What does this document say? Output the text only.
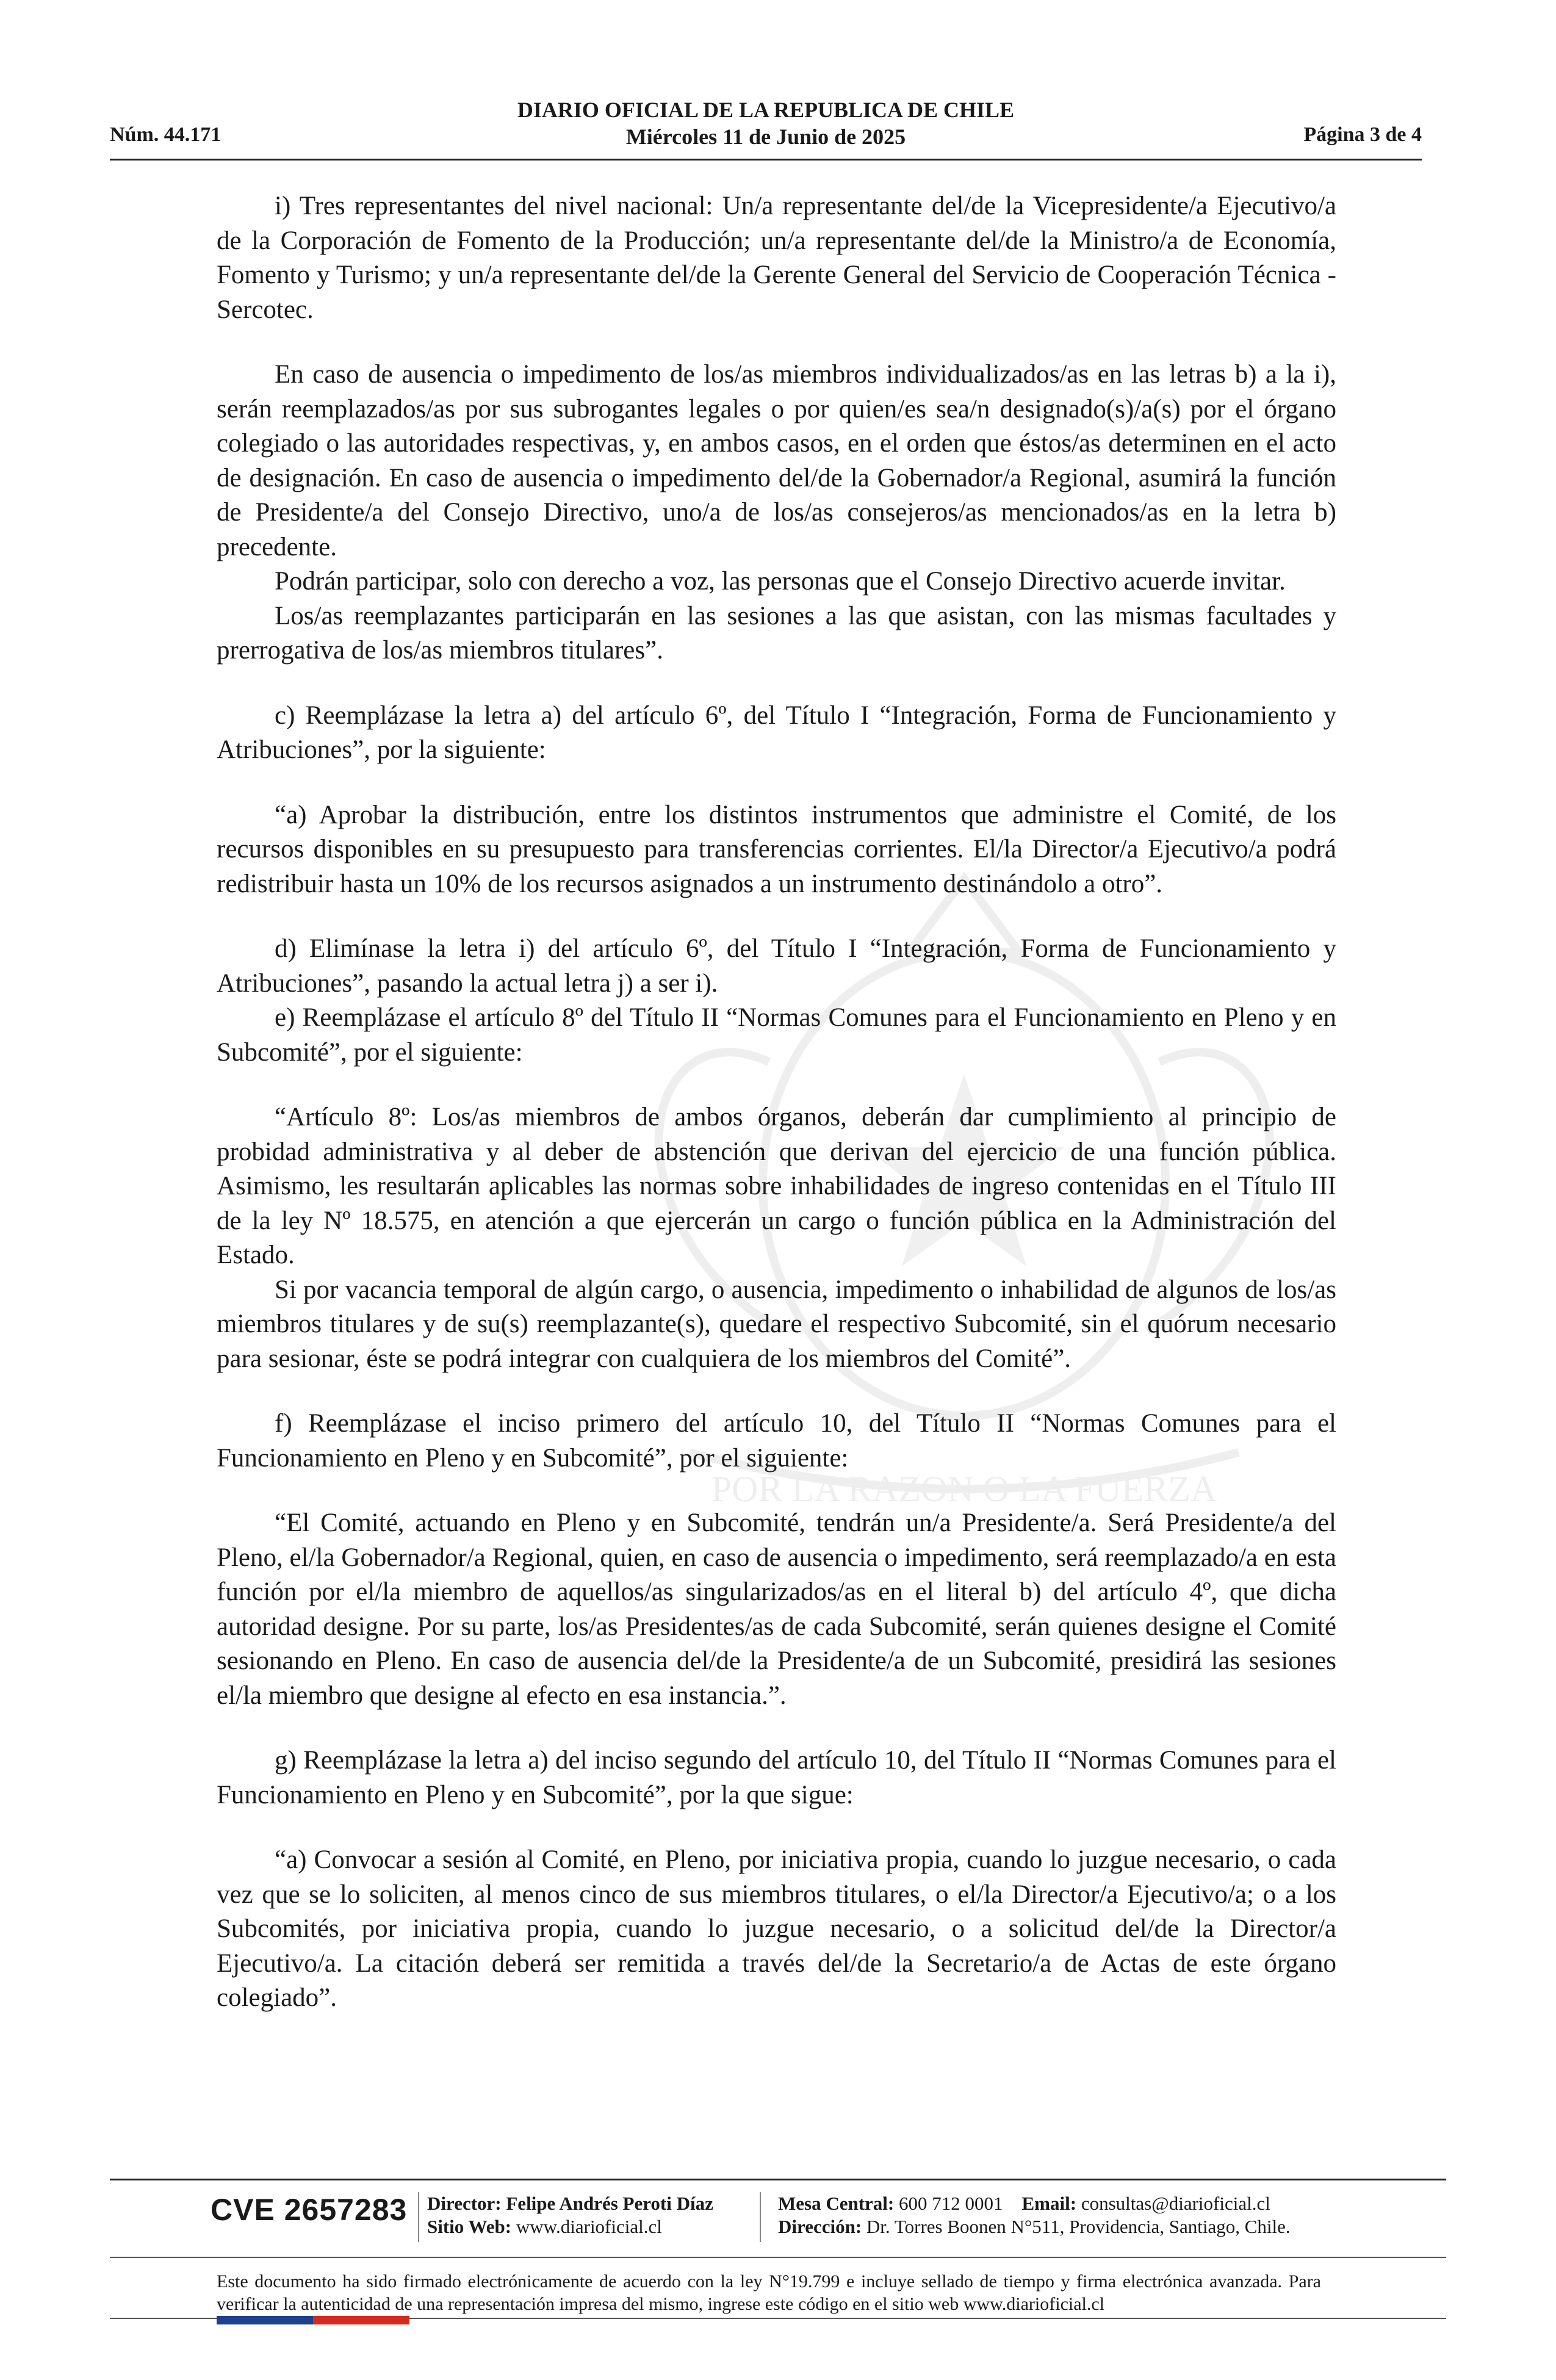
Núm. 44.171
DIARIO OFICIAL DE LA REPUBLICA DE CHILE
Miércoles 11 de Junio de 2025	Página 3 de 4
POR LA RAZON O LA FUERZA

i) Tres representantes del nivel nacional: Un/a representante del/de la Vicepresidente/a Ejecutivo/a de la Corporación de Fomento de la Producción; un/a representante del/de la Ministro/a de Economía, Fomento y Turismo; y un/a representante del/de la Gerente General del Servicio de Cooperación Técnica - Sercotec.

En caso de ausencia o impedimento de los/as miembros individualizados/as en las letras b) a la i), serán reemplazados/as por sus subrogantes legales o por quien/es sea/n designado(s)/a(s) por el órgano colegiado o las autoridades respectivas, y, en ambos casos, en el orden que éstos/as determinen en el acto de designación. En caso de ausencia o impedimento del/de la Gobernador/a Regional, asumirá la función de Presidente/a del Consejo Directivo, uno/a de los/as consejeros/as mencionados/as en la letra b) precedente.

Podrán participar, solo con derecho a voz, las personas que el Consejo Directivo acuerde invitar.

Los/as reemplazantes participarán en las sesiones a las que asistan, con las mismas facultades y prerrogativa de los/as miembros titulares”.

c) Reemplázase la letra a) del artículo 6º, del Título I “Integración, Forma de Funcionamiento y Atribuciones”, por la siguiente:

“a) Aprobar la distribución, entre los distintos instrumentos que administre el Comité, de los recursos disponibles en su presupuesto para transferencias corrientes. El/la Director/a Ejecutivo/a podrá redistribuir hasta un 10% de los recursos asignados a un instrumento destinándolo a otro”.

d) Elimínase la letra i) del artículo 6º, del Título I “Integración, Forma de Funcionamiento y Atribuciones”, pasando la actual letra j) a ser i).

e) Reemplázase el artículo 8º del Título II “Normas Comunes para el Funcionamiento en Pleno y en Subcomité”, por el siguiente:

“Artículo 8º: Los/as miembros de ambos órganos, deberán dar cumplimiento al principio de probidad administrativa y al deber de abstención que derivan del ejercicio de una función pública. Asimismo, les resultarán aplicables las normas sobre inhabilidades de ingreso contenidas en el Título III de la ley Nº 18.575, en atención a que ejercerán un cargo o función pública en la Administración del Estado.

Si por vacancia temporal de algún cargo, o ausencia, impedimento o inhabilidad de algunos de los/as miembros titulares y de su(s) reemplazante(s), quedare el respectivo Subcomité, sin el quórum necesario para sesionar, éste se podrá integrar con cualquiera de los miembros del Comité”.

f) Reemplázase el inciso primero del artículo 10, del Título II “Normas Comunes para el Funcionamiento en Pleno y en Subcomité”, por el siguiente:

“El Comité, actuando en Pleno y en Subcomité, tendrán un/a Presidente/a. Será Presidente/a del Pleno, el/la Gobernador/a Regional, quien, en caso de ausencia o impedimento, será reemplazado/a en esta función por el/la miembro de aquellos/as singularizados/as en el literal b) del artículo 4º, que dicha autoridad designe. Por su parte, los/as Presidentes/as de cada Subcomité, serán quienes designe el Comité sesionando en Pleno. En caso de ausencia del/de la Presidente/a de un Subcomité, presidirá las sesiones el/la miembro que designe al efecto en esa instancia.”.

g) Reemplázase la letra a) del inciso segundo del artículo 10, del Título II “Normas Comunes para el Funcionamiento en Pleno y en Subcomité”, por la que sigue:

“a) Convocar a sesión al Comité, en Pleno, por iniciativa propia, cuando lo juzgue necesario, o cada vez que se lo soliciten, al menos cinco de sus miembros titulares, o el/la Director/a Ejecutivo/a; o a los Subcomités, por iniciativa propia, cuando lo juzgue necesario, o a solicitud del/de la Director/a Ejecutivo/a. La citación deberá ser remitida a través del/de la Secretario/a de Actas de este órgano colegiado”.

CVE 2657283 Director: Felipe Andrés Peroti Díaz
Sitio Web: www.diarioficial.cl
Mesa Central: 600 712 0001 Email: consultas@diarioficial.cl
Dirección: Dr. Torres Boonen N°511, Providencia, Santiago, Chile.
Este documento ha sido firmado electrónicamente de acuerdo con la ley N°19.799 e incluye sellado de tiempo y firma electrónica avanzada. Para verificar la autenticidad de una representación impresa del mismo, ingrese este código en el sitio web www.diarioficial.cl
